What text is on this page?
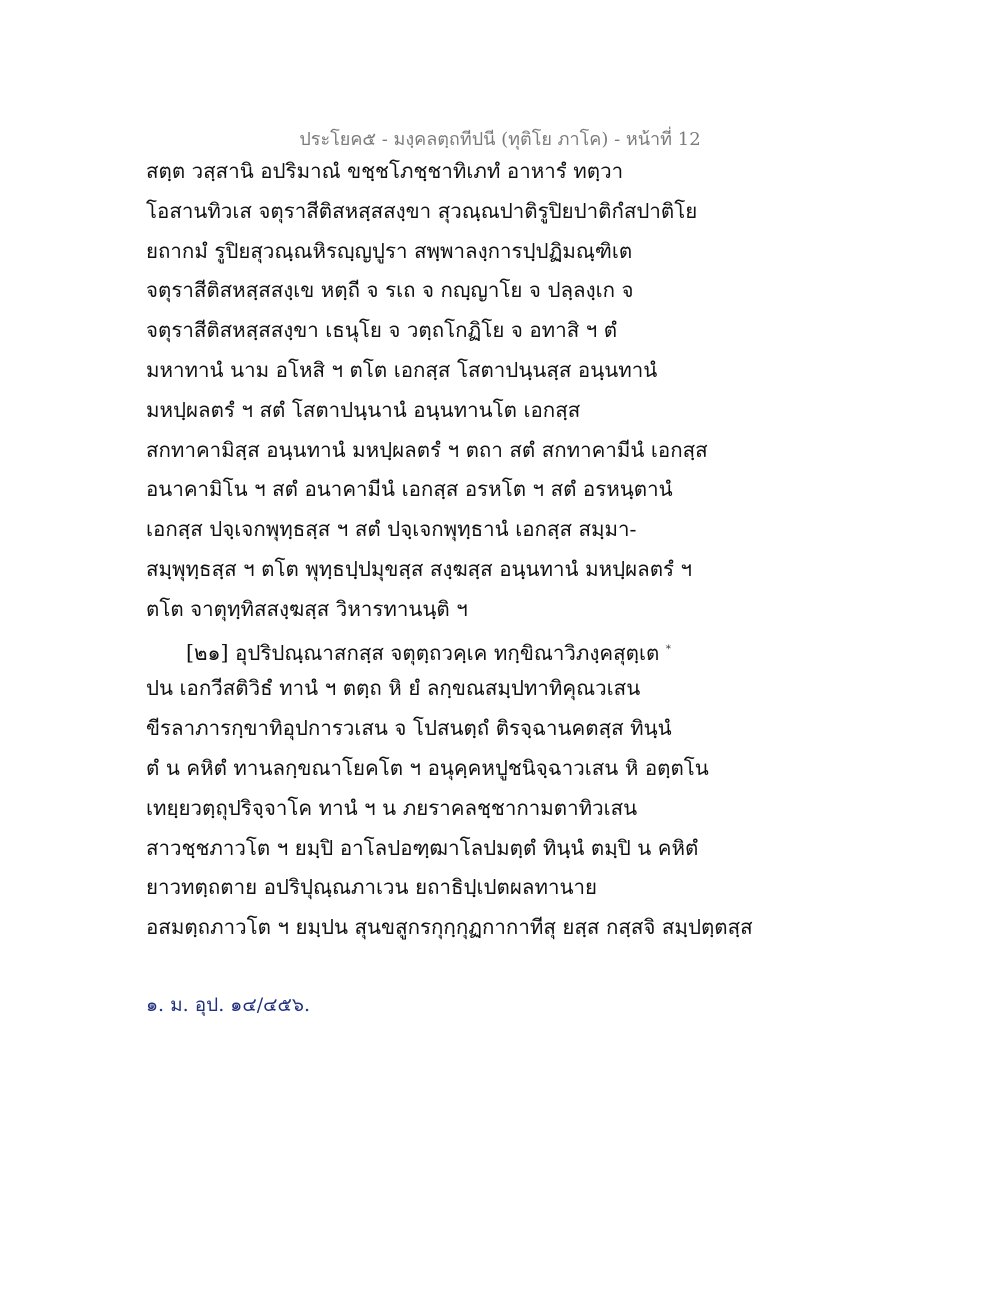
ประโยค๕ - มงฺคลตฺถทีปนี (ทุติโย ภาโค) - หน้าที่ 12
สตฺต วสฺสานิ อปริมาณํ ขชฺชโภชฺชาทิเภทํ อาหารํ ทตฺวา
โอสานทิวเส จตุราสีติสหสฺสสงฺขา สุวณฺณปาติรูปิยปาติกํสปาติโย
ยถากมํ รูปิยสุวณฺณหิรญฺญปูรา สพฺพาลงฺการปฺปฏิมณฺฑิเต
จตุราสีติสหสฺสสงฺเข หตฺถี จ รเถ จ กญฺญาโย จ ปลฺลงฺเก จ
จตุราสีติสหสฺสสงฺขา เธนุโย จ วตฺถโกฏิโย จ อทาสิ ฯ ตํ
มหาทานํ นาม อโหสิ ฯ ตโต เอกสฺส โสตาปนฺนสฺส อนฺนทานํ
มหปฺผลตรํ ฯ สตํ โสตาปนฺนานํ อนฺนทานโต เอกสฺส
สกทาคามิสฺส อนฺนทานํ มหปฺผลตรํ ฯ ตถา สตํ สกทาคามีนํ เอกสฺส
อนาคามิโน ฯ สตํ อนาคามีนํ เอกสฺส อรหโต ฯ สตํ อรหนฺตานํ
เอกสฺส ปจฺเจกพุทฺธสฺส ฯ สตํ ปจฺเจกพุทฺธานํ เอกสฺส สมฺมา-
สมฺพุทฺธสฺส ฯ ตโต พุทฺธปฺปมุขสฺส สงฺฆสฺส อนฺนทานํ มหปฺผลตรํ ฯ
ตโต จาตุทฺทิสสงฺฆสฺส วิหารทานนฺติ ฯ
[๒๑] อุปริปณฺณาสกสฺส จตุตฺถวคฺเค ทกฺขิณาวิภงฺคสุตฺเต *
ปน เอกวีสติวิธํ ทานํ ฯ ตตฺถ หิ ยํ ลกฺขณสมฺปทาทิคุณวเสน
ขีรลาภารกฺขาทิอุปการวเสน จ โปสนตฺถํ ติรจฺฉานคตสฺส ทินฺนํ
ตํ น คหิตํ ทานลกฺขณาโยคโต ฯ อนุคฺคหปูชนิจฺฉาวเสน หิ อตฺตโน
เทยฺยวตฺถุปริจฺจาโค ทานํ ฯ น ภยราคลชฺชากามตาทิวเสน
สาวชฺชภาวโต ฯ ยมฺปิ อาโลปอฑฺฒาโลปมตฺตํ ทินฺนํ ตมฺปิ น คหิตํ
ยาวทตฺถตาย อปริปุณฺณภาเวน ยถาธิปฺเปตผลทานาย
อสมตฺถภาวโต ฯ ยมฺปน สุนขสูกรกุกฺกุฏกากาทีสุ ยสฺส กสฺสจิ สมฺปตฺตสฺส
๑. ม. อุป. ๑๔/๔๕๖.
